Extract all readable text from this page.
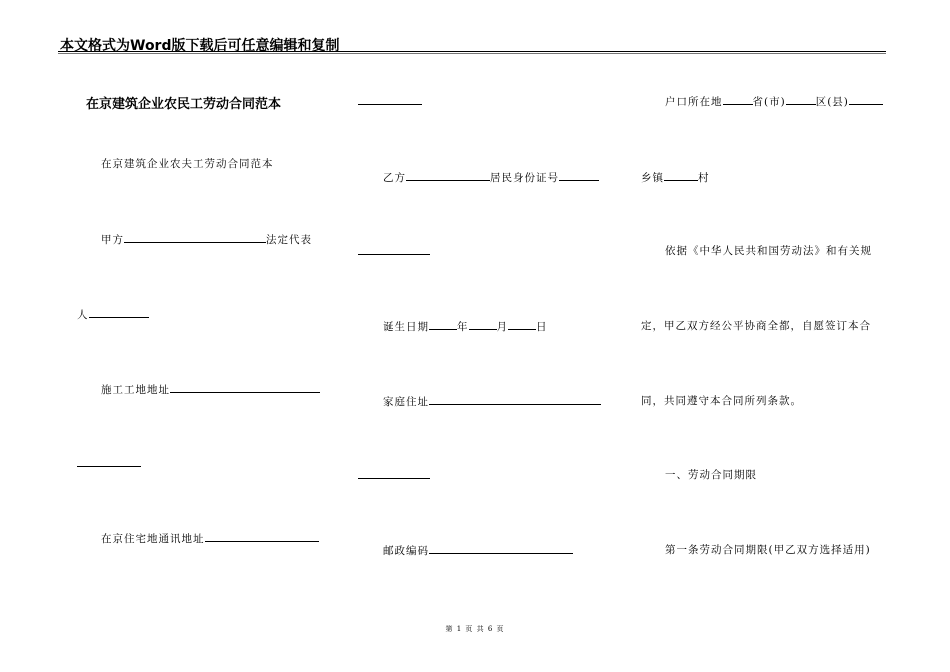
本文格式为Word版下载后可任意编辑和复制
在京建筑企业农民工劳动合同范本
在京建筑企业农夫工劳动合同范本
甲方	法定代表
人
施工工地地址
在京住宅地通讯地址
乙方	居民身份证号
诞生日期	年	月	日
家庭住址
邮政编码
户口所在地	省(市)	区(县)
乡镇	村
依据《中华人民共和国劳动法》和有关规
定，甲乙双方经公平协商全都，自愿签订本合
同，共同遵守本合同所列条款。
一、劳动合同期限
第一条劳动合同期限(甲乙双方选择适用)
第 1 页 共 6 页
